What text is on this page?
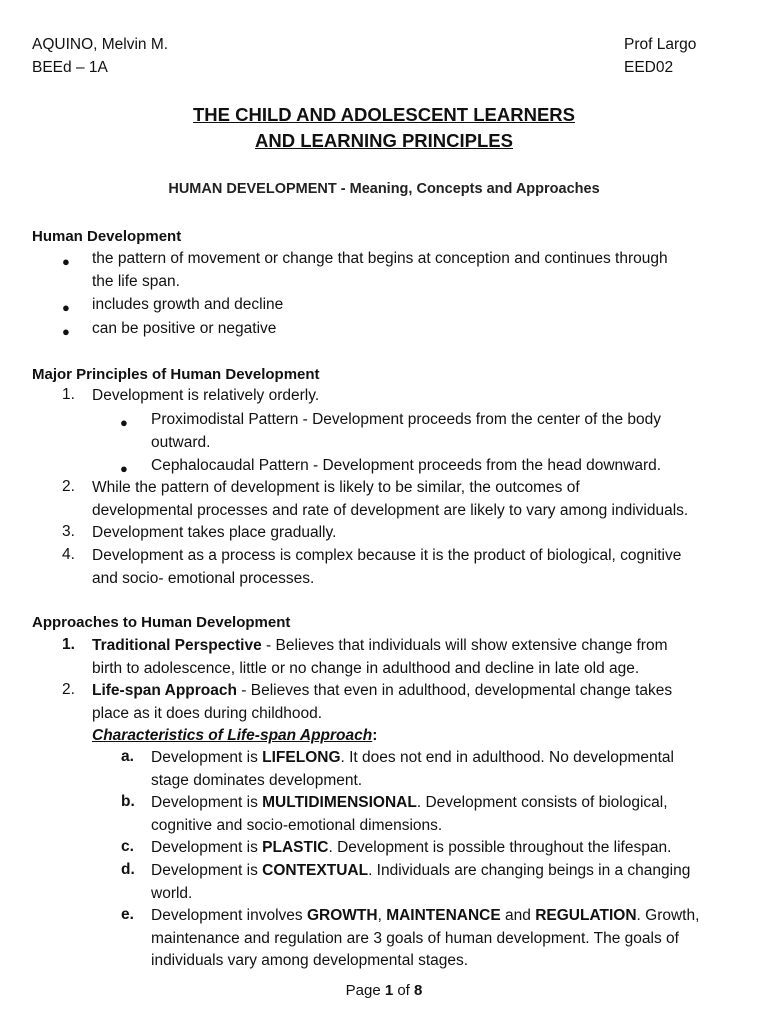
AQUINO, Melvin M.
BEEd – 1A
Prof Largo
EED02
THE CHILD AND ADOLESCENT LEARNERS
AND LEARNING PRINCIPLES
HUMAN DEVELOPMENT - Meaning, Concepts and Approaches
Human Development
● the pattern of movement or change that begins at conception and continues through
the life span.
● includes growth and decline
● can be positive or negative
Major Principles of Human Development
1. Development is relatively orderly.
● Proximodistal Pattern - Development proceeds from the center of the body
outward.
● Cephalocaudal Pattern - Development proceeds from the head downward.
2. While the pattern of development is likely to be similar, the outcomes of
developmental processes and rate of development are likely to vary among individuals.
3. Development takes place gradually.
4. Development as a process is complex because it is the product of biological, cognitive
and socio- emotional processes.
Approaches to Human Development
1. Traditional Perspective - Believes that individuals will show extensive change from
birth to adolescence, little or no change in adulthood and decline in late old age.
2. Life-span Approach - Believes that even in adulthood, developmental change takes
place as it does during childhood.
Characteristics of Life-span Approach:
a. Development is LIFELONG. It does not end in adulthood. No developmental
stage dominates development.
b. Development is MULTIDIMENSIONAL. Development consists of biological,
cognitive and socio-emotional dimensions.
c. Development is PLASTIC. Development is possible throughout the lifespan.
d. Development is CONTEXTUAL. Individuals are changing beings in a changing
world.
e. Development involves GROWTH, MAINTENANCE and REGULATION. Growth,
maintenance and regulation are 3 goals of human development. The goals of
individuals vary among developmental stages.
Page 1 of 8
